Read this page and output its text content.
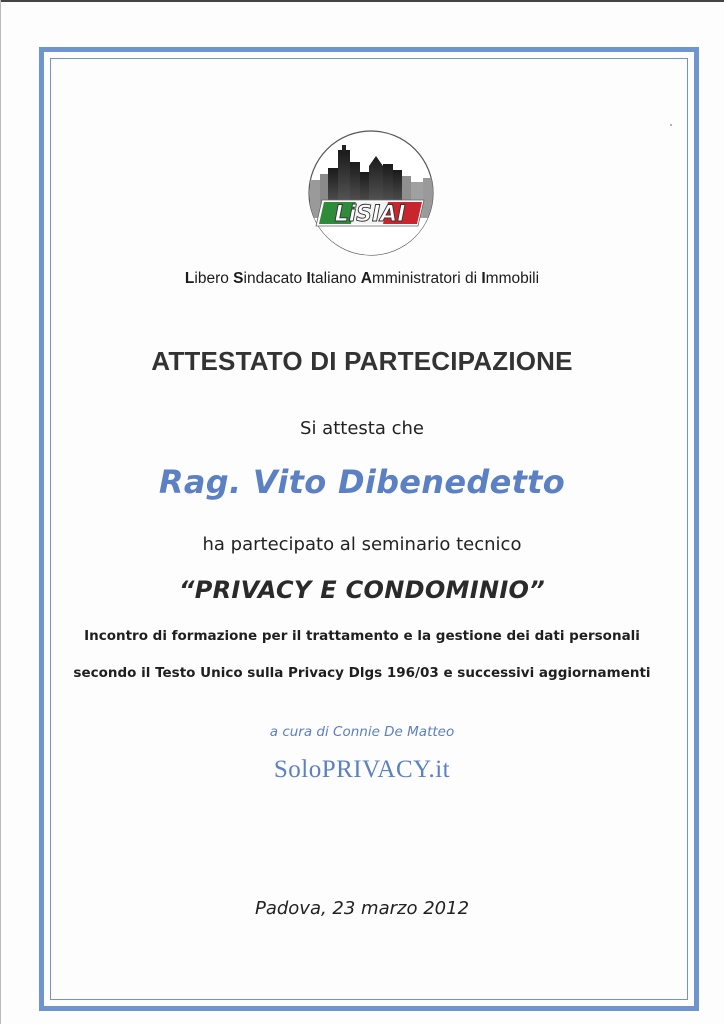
LiSIAI
Libero Sindacato Italiano Amministratori di Immobili
ATTESTATO DI PARTECIPAZIONE
Si attesta che
Rag. Vito Dibenedetto
ha partecipato al seminario tecnico
“PRIVACY E CONDOMINIO”
Incontro di formazione per il trattamento e la gestione dei dati personali
secondo il Testo Unico sulla Privacy Dlgs 196/03 e successivi aggiornamenti
a cura di Connie De Matteo
SoloPRIVACY.it
Padova, 23 marzo 2012
